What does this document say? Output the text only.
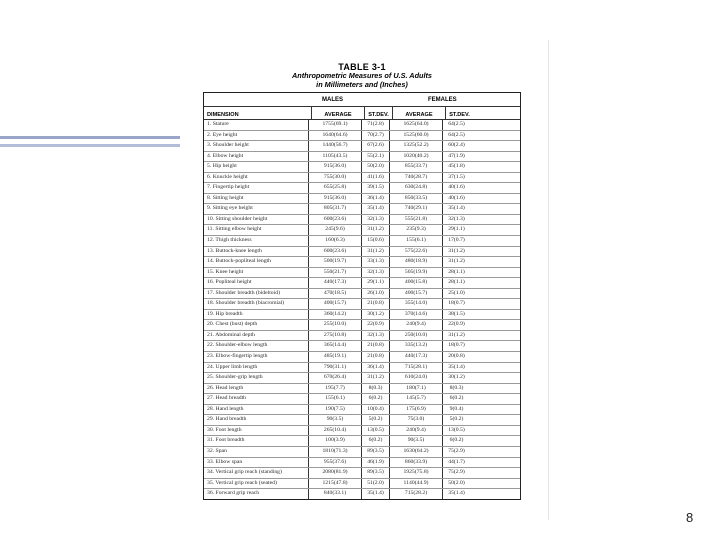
TABLE 3-1
Anthropometric Measures of U.S. Adults
in Millimeters and (Inches)
MALES	FEMALES
DIMENSION	AVERAGE	ST.DEV.	AVERAGE	ST.DEV.
1. Stature	1755(69.1)	71(2.8)	1625(64.0)	64(2.5)
2. Eye height	1640(64.6)	70(2.7)	1525(60.0)	64(2.5)
3. Shoulder height	1440(56.7)	67(2.6)	1325(52.2)	60(2.4)
4. Elbow height	1105(43.5)	55(2.1)	1020(40.2)	47(1.9)
5. Hip height	915(36.0)	50(2.0)	855(33.7)	45(1.8)
6. Knuckle height	755(30.0)	41(1.6)	740(28.7)	37(1.5)
7. Fingertip height	655(25.8)	39(1.5)	630(24.8)	40(1.6)
8. Sitting height	915(36.0)	36(1.4)	850(33.5)	40(1.6)
9. Sitting eye height	805(31.7)	35(1.4)	740(29.1)	35(1.4)
10. Sitting shoulder height	600(23.6)	32(1.3)	555(21.8)	32(1.3)
11. Sitting elbow height	245(9.6)	31(1.2)	235(9.3)	29(1.1)
12. Thigh thickness	160(6.3)	15(0.6)	155(6.1)	17(0.7)
13. Buttock-knee length	600(23.6)	31(1.2)	575(22.6)	31(1.2)
14. Buttock-popliteal length	500(19.7)	33(1.3)	480(18.9)	31(1.2)
15. Knee height	550(21.7)	32(1.3)	505(19.9)	28(1.1)
16. Popliteal height	440(17.3)	29(1.1)	400(15.8)	28(1.1)
17. Shoulder breadth (bideltoid)	470(18.5)	26(1.0)	400(15.7)	25(1.0)
18. Shoulder breadth (biacromial)	400(15.7)	21(0.8)	355(14.0)	18(0.7)
19. Hip breadth	360(14.2)	30(1.2)	370(14.6)	38(1.5)
20. Chest (bust) depth	255(10.0)	22(0.9)	240(9.4)	22(0.9)
21. Abdominal depth	275(10.8)	32(1.3)	250(10.0)	31(1.2)
22. Shoulder-elbow length	365(14.4)	21(0.8)	335(13.2)	18(0.7)
23. Elbow-fingertip length	485(19.1)	21(0.8)	440(17.3)	20(0.8)
24. Upper limb length	790(31.1)	36(1.4)	715(28.1)	35(1.4)
25. Shoulder-grip length	670(26.4)	31(1.2)	610(24.0)	30(1.2)
26. Head length	195(7.7)	8(0.3)	180(7.1)	8(0.3)
27. Head breadth	155(6.1)	6(0.2)	145(5.7)	6(0.2)
28. Hand length	190(7.5)	10(0.4)	175(6.9)	9(0.4)
29. Hand breadth	90(3.5)	5(0.2)	75(3.0)	5(0.2)
30. Foot length	265(10.4)	13(0.5)	240(9.4)	13(0.5)
31. Foot breadth	100(3.9)	6(0.2)	90(3.5)	6(0.2)
32. Span	1810(71.3)	89(3.5)	1630(64.2)	75(2.9)
33. Elbow span	955(37.6)	46(1.9)	860(33.9)	44(1.7)
34. Vertical grip reach (standing)	2080(81.9)	89(3.5)	1925(75.8)	75(2.9)
35. Vertical grip reach (seated)	1215(47.8)	51(2.0)	1140(44.9)	50(2.0)
36. Forward grip reach	840(33.1)	35(1.4)	715(28.2)	35(1.4)
8
